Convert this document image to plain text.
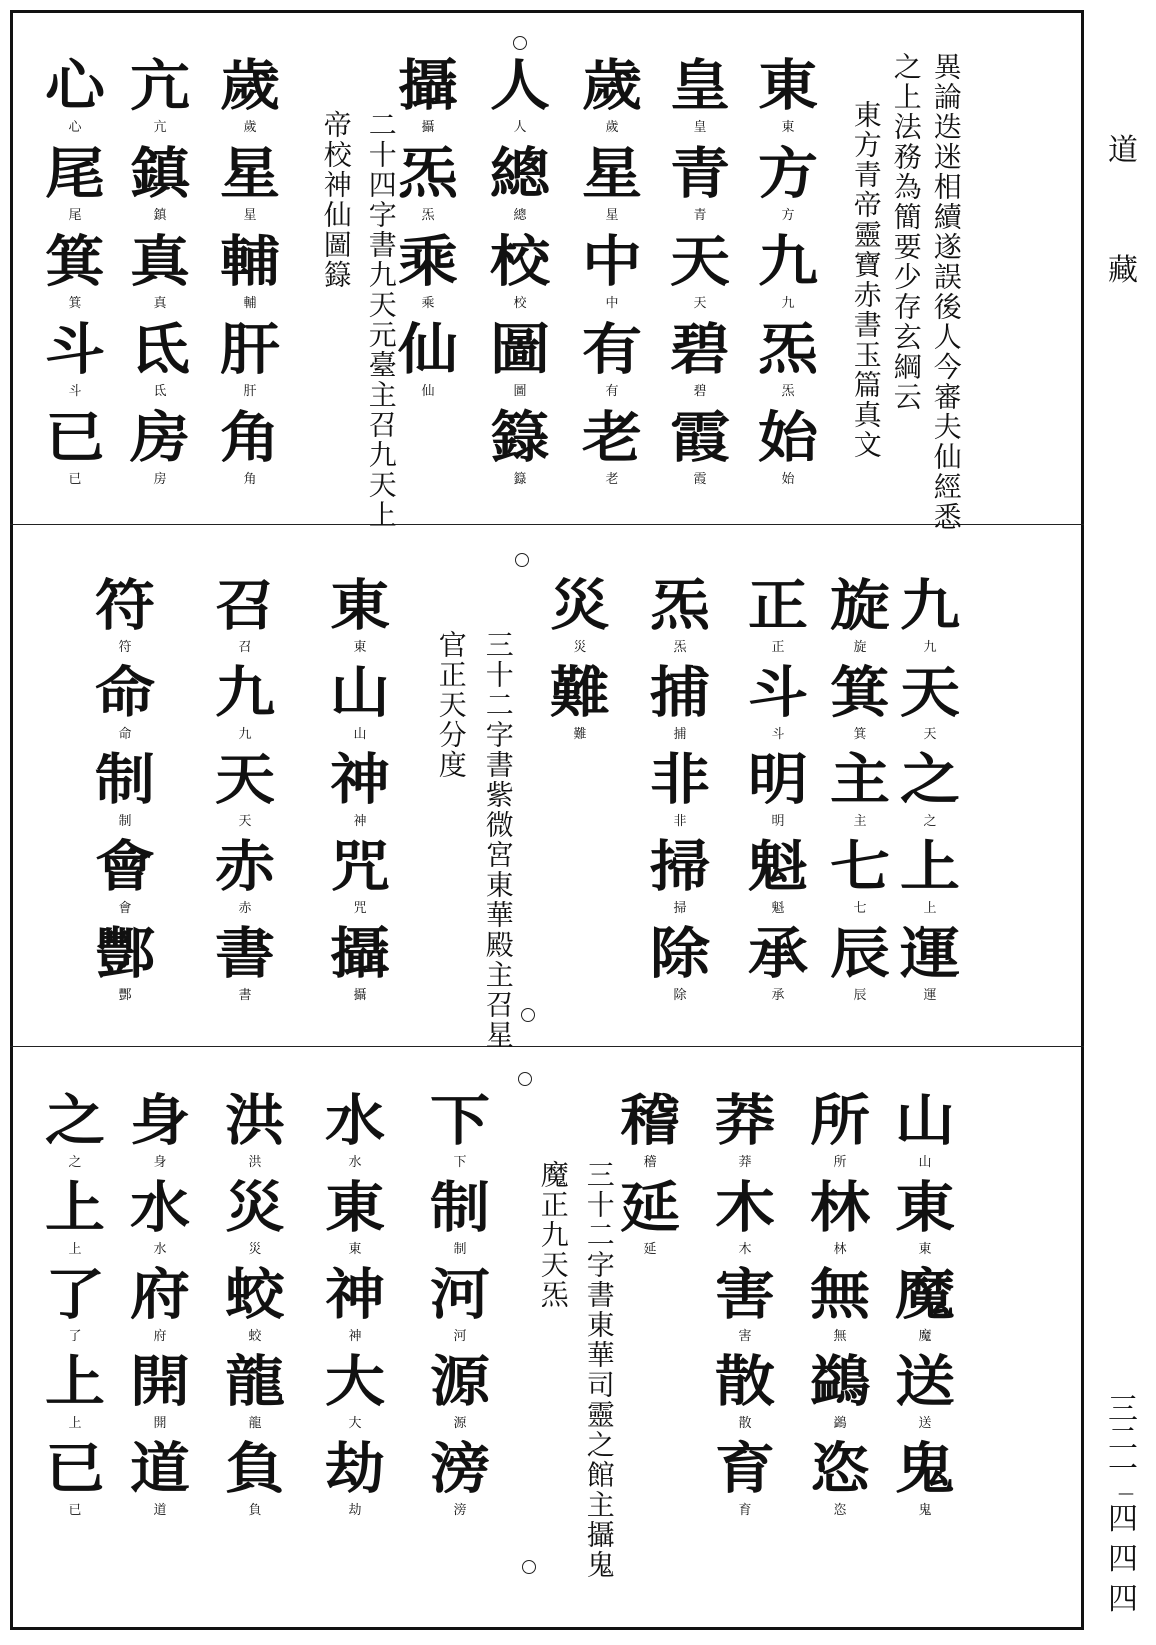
道
藏
三
二
一
—
四
四
四
異論迭迷相續遂誤後人今審夫仙經悉
之上法務為簡要少存玄綱云
東方青帝靈寶赤書玉篇真文
二十四字書九天元臺主召九天上
帝校神仙圖籙
東
東
方
方
九
九
炁
炁
始
始
皇
皇
青
青
天
天
碧
碧
霞
霞
歲
歲
星
星
中
中
有
有
老
老
人
人
總
總
校
校
圖
圖
籙
籙
攝
攝
炁
炁
乘
乘
仙
仙
歲
歲
星
星
輔
輔
肝
肝
角
角
亢
亢
鎮
鎮
真
真
氐
氐
房
房
心
心
尾
尾
箕
箕
斗
斗
已
已
三十二字書紫微宮東華殿主召星
官正天分度
九
九
天
天
之
之
上
上
運
運
旋
旋
箕
箕
主
主
七
七
辰
辰
正
正
斗
斗
明
明
魁
魁
承
承
炁
炁
捕
捕
非
非
掃
掃
除
除
災
災
難
難
東
東
山
山
神
神
咒
咒
攝
攝
召
召
九
九
天
天
赤
赤
書
書
符
符
命
命
制
制
會
會
酆
酆
三十二字書東華司靈之館主攝鬼
魔正九天炁
山
山
東
東
魔
魔
送
送
鬼
鬼
所
所
林
林
無
無
鷁
鷁
恣
恣
莽
莽
木
木
害
害
散
散
育
育
稽
稽
延
延
下
下
制
制
河
河
源
源
滂
滂
水
水
東
東
神
神
大
大
劫
劫
洪
洪
災
災
蛟
蛟
龍
龍
負
負
身
身
水
水
府
府
開
開
道
道
之
之
上
上
了
了
上
上
已
已
